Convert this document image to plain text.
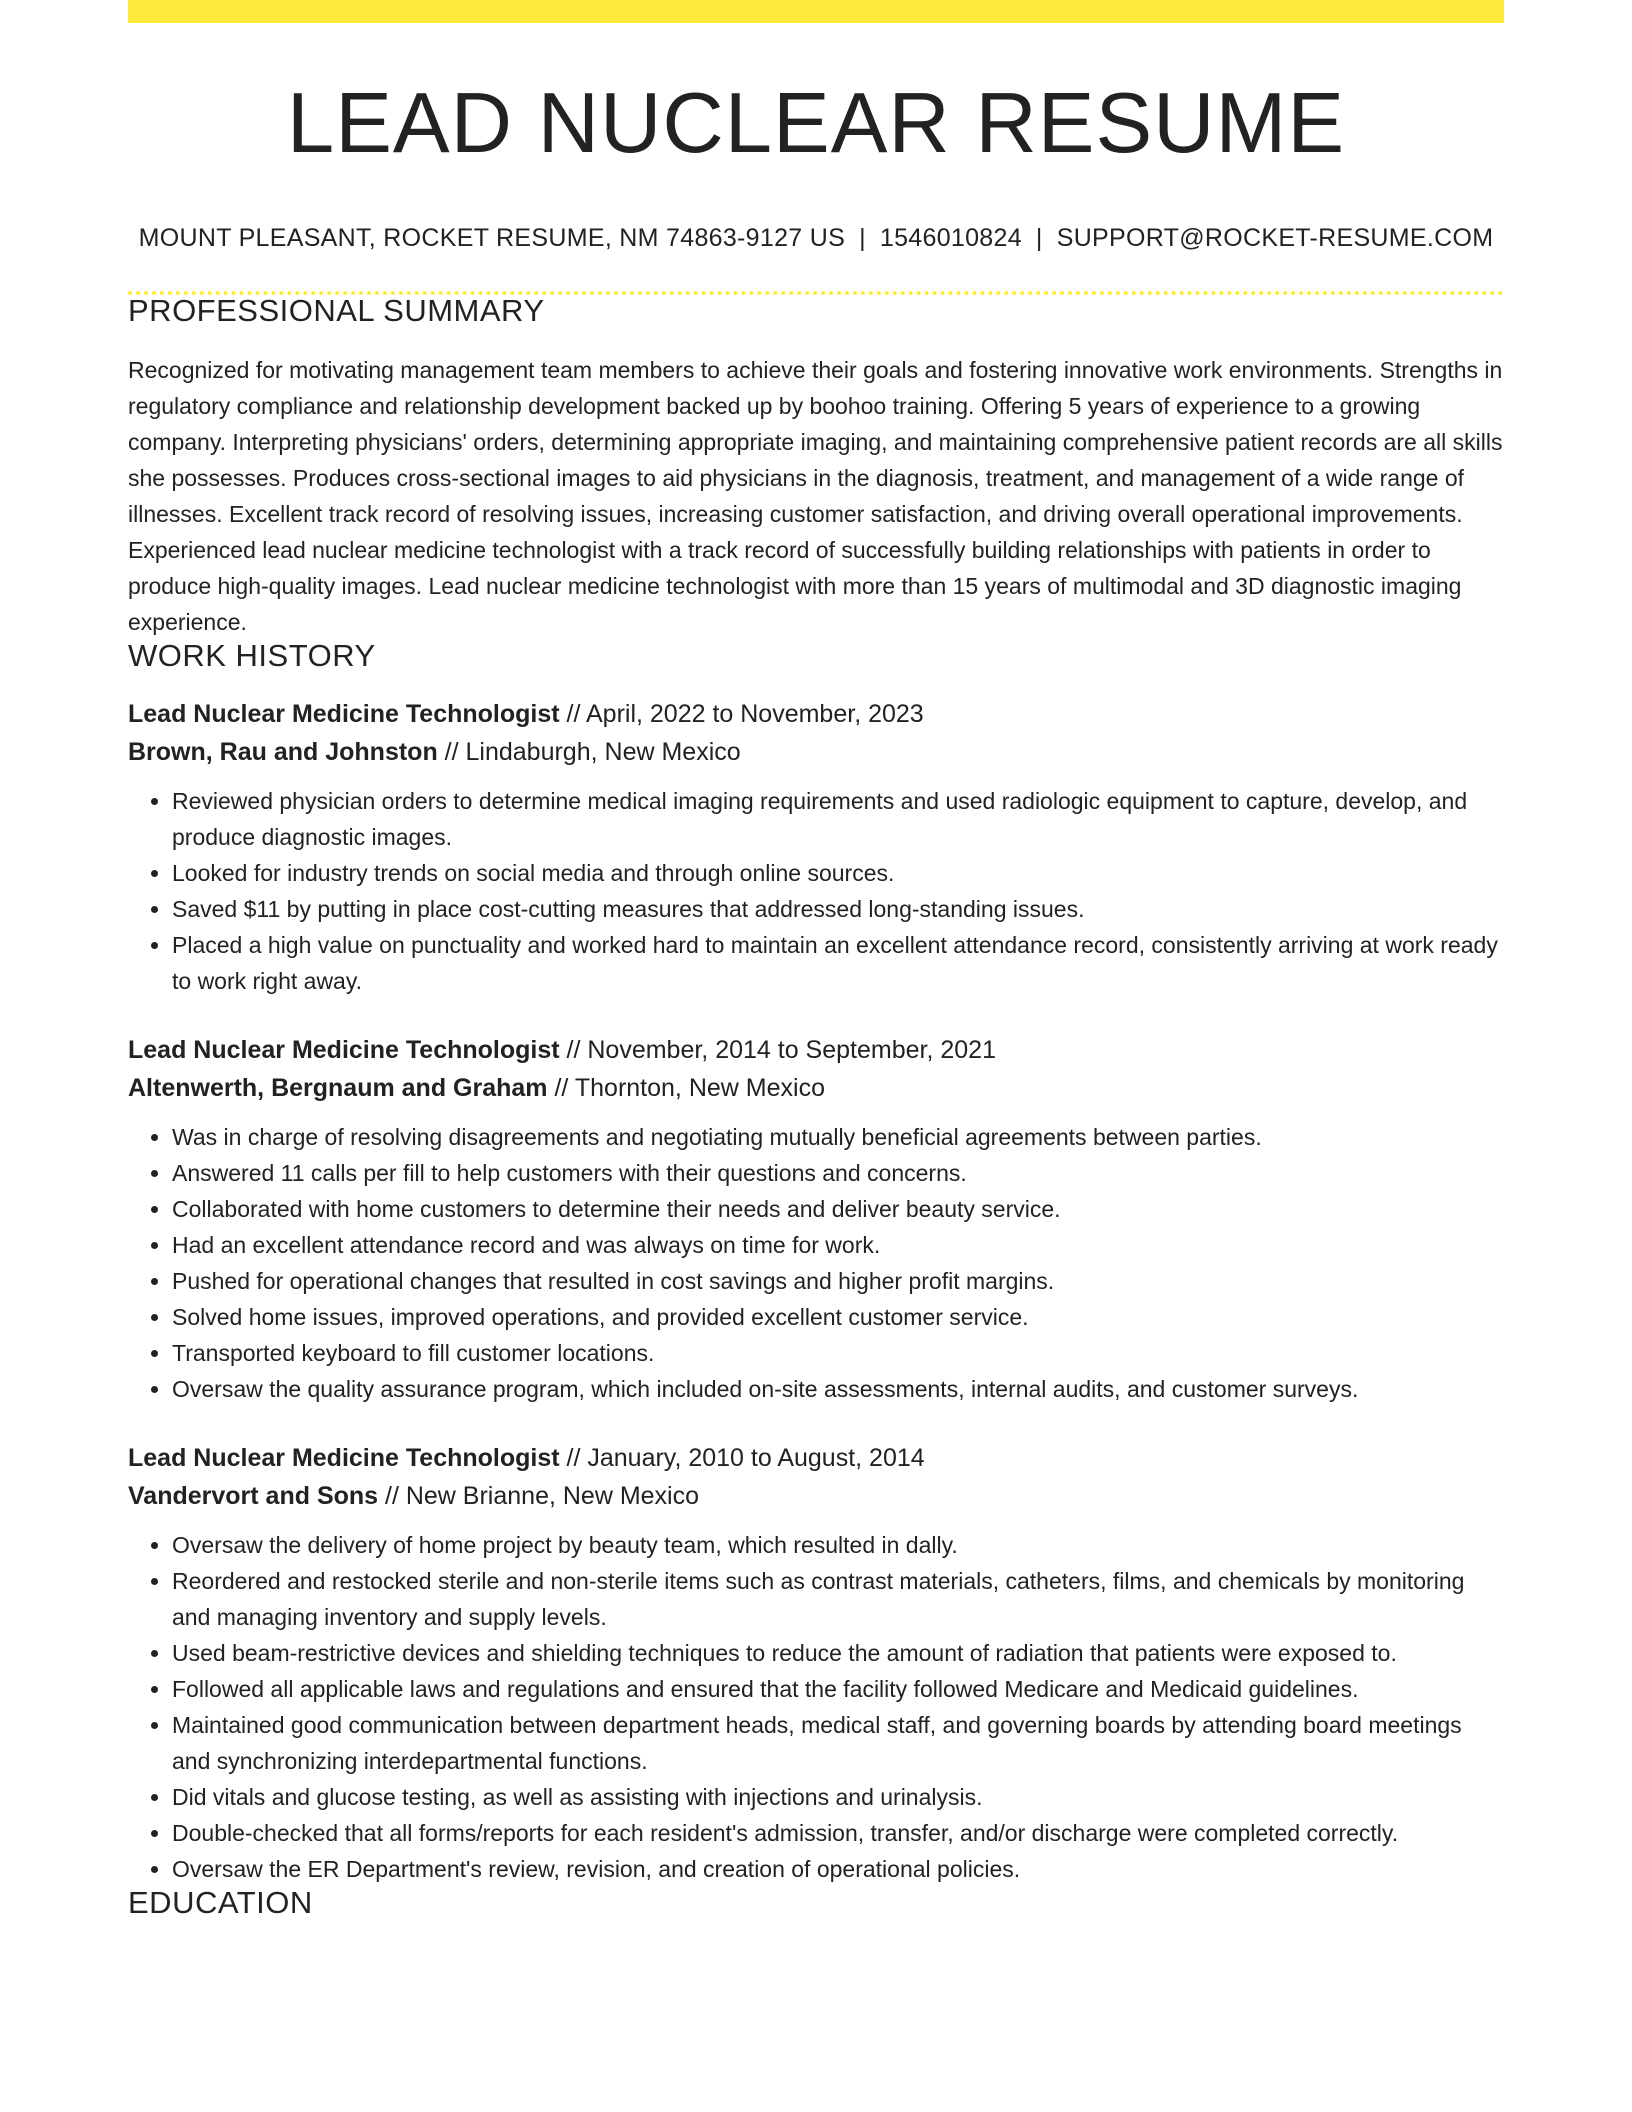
LEAD NUCLEAR RESUME
MOUNT PLEASANT, ROCKET RESUME, NM 74863-9127 US | 1546010824 | SUPPORT@ROCKET-RESUME.COM
PROFESSIONAL SUMMARY

Recognized for motivating management team members to achieve their goals and fostering innovative work environments. Strengths in regulatory compliance and relationship development backed up by boohoo training. Offering 5 years of experience to a growing company. Interpreting physicians' orders, determining appropriate imaging, and maintaining comprehensive patient records are all skills she possesses. Produces cross-sectional images to aid physicians in the diagnosis, treatment, and management of a wide range of illnesses. Excellent track record of resolving issues, increasing customer satisfaction, and driving overall operational improvements. Experienced lead nuclear medicine technologist with a track record of successfully building relationships with patients in order to produce high-quality images. Lead nuclear medicine technologist with more than 15 years of multimodal and 3D diagnostic imaging experience.

WORK HISTORY
Lead Nuclear Medicine Technologist // April, 2022 to November, 2023
Brown, Rau and Johnston // Lindaburgh, New Mexico
• Reviewed physician orders to determine medical imaging requirements and used radiologic equipment to capture, develop, and produce diagnostic images.
• Looked for industry trends on social media and through online sources.
• Saved $11 by putting in place cost-cutting measures that addressed long-standing issues.
• Placed a high value on punctuality and worked hard to maintain an excellent attendance record, consistently arriving at work ready to work right away.
Lead Nuclear Medicine Technologist // November, 2014 to September, 2021
Altenwerth, Bergnaum and Graham // Thornton, New Mexico
• Was in charge of resolving disagreements and negotiating mutually beneficial agreements between parties.
• Answered 11 calls per fill to help customers with their questions and concerns.
• Collaborated with home customers to determine their needs and deliver beauty service.
• Had an excellent attendance record and was always on time for work.
• Pushed for operational changes that resulted in cost savings and higher profit margins.
• Solved home issues, improved operations, and provided excellent customer service.
• Transported keyboard to fill customer locations.
• Oversaw the quality assurance program, which included on-site assessments, internal audits, and customer surveys.
Lead Nuclear Medicine Technologist // January, 2010 to August, 2014
Vandervort and Sons // New Brianne, New Mexico
• Oversaw the delivery of home project by beauty team, which resulted in dally.
• Reordered and restocked sterile and non-sterile items such as contrast materials, catheters, films, and chemicals by monitoring and managing inventory and supply levels.
• Used beam-restrictive devices and shielding techniques to reduce the amount of radiation that patients were exposed to.
• Followed all applicable laws and regulations and ensured that the facility followed Medicare and Medicaid guidelines.
• Maintained good communication between department heads, medical staff, and governing boards by attending board meetings and synchronizing interdepartmental functions.
• Did vitals and glucose testing, as well as assisting with injections and urinalysis.
• Double-checked that all forms/reports for each resident's admission, transfer, and/or discharge were completed correctly.
• Oversaw the ER Department's review, revision, and creation of operational policies.
EDUCATION
